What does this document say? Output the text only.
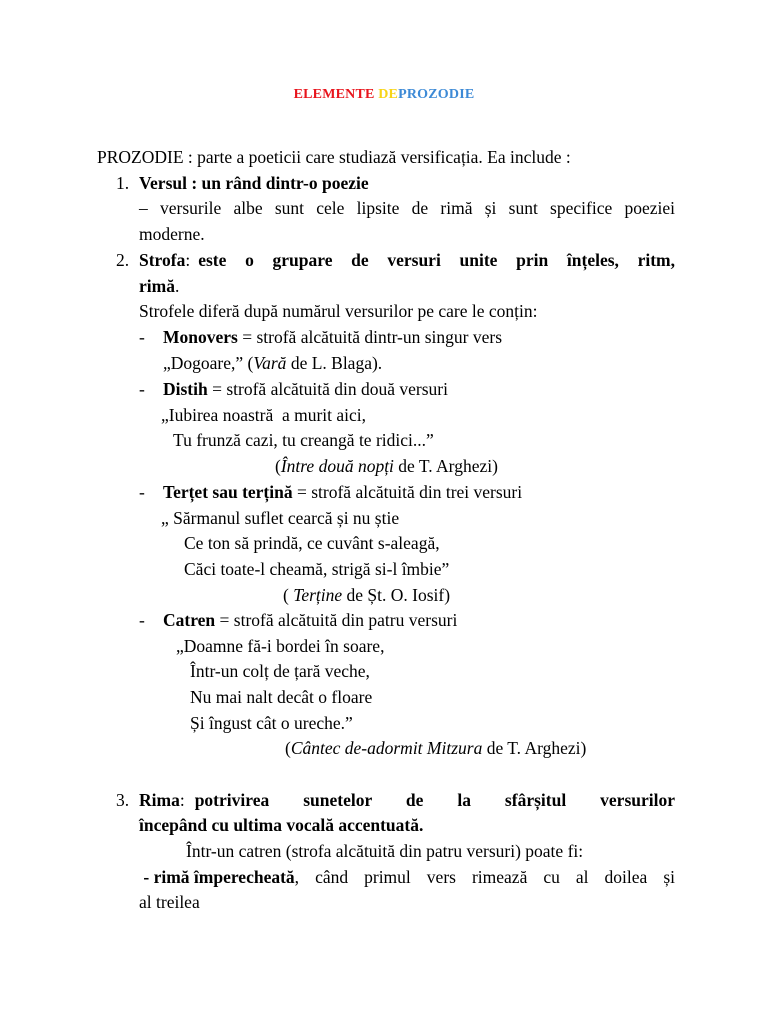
ELEMENTE DEPROZODIE
PROZODIE : parte a poeticii care studiază versificația. Ea include :
1. Versul : un rând dintr-o poezie
– versurile albe sunt cele lipsite de rimă și sunt specifice poeziei
moderne.
2. Strofa : este o grupare de versuri unite prin înțeles, ritm,
rimă.
Strofele diferă după numărul versurilor pe care le conțin:
- Monovers = strofă alcătuită dintr-un singur vers
„Dogoare,” (Vară de L. Blaga).
- Distih = strofă alcătuită din două versuri
„Iubirea noastră  a murit aici,
Tu frunză cazi, tu creangă te ridici...”
(Între două nopți de T. Arghezi)
- Terțet sau terțină = strofă alcătuită din trei versuri
„ Sărmanul suflet cearcă și nu știe
Ce ton să prindă, ce cuvânt s-aleagă,
Căci toate-l cheamă, strigă si-l îmbie”
( Terține de Șt. O. Iosif)
- Catren = strofă alcătuită din patru versuri
„Doamne fă-i bordei în soare,
Într-un colț de țară veche,
Nu mai nalt decât o floare
Și îngust cât o ureche.”
(Cântec de-adormit Mitzura de T. Arghezi)
3. Rima : potrivirea sunetelor de la sfârșitul versurilor
începând cu ultima vocală accentuată.
Într-un catren (strofa alcătuită din patru versuri) poate fi:
- rimă împerecheată , când primul vers rimează cu al doilea și
al treilea
